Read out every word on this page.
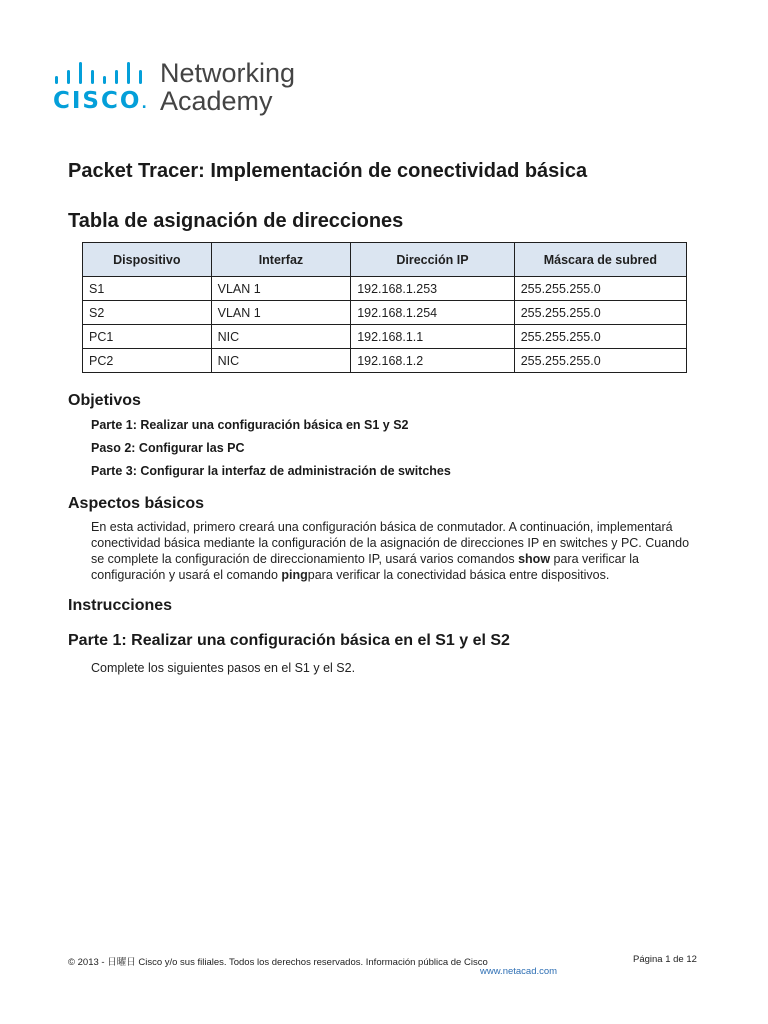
CISCO .
Networking
Academy
Packet Tracer: Implementación de conectividad básica
Tabla de asignación de direcciones
Dispositivo	Interfaz	Dirección IP	Máscara de subred
S1	VLAN 1	192.168.1.253	255.255.255.0
S2	VLAN 1	192.168.1.254	255.255.255.0
PC1	NIC	192.168.1.1	255.255.255.0
PC2	NIC	192.168.1.2	255.255.255.0
Objetivos
Parte 1: Realizar una configuración básica en S1 y S2
Paso 2: Configurar las PC
Parte 3: Configurar la interfaz de administración de switches
Aspectos básicos
En esta actividad, primero creará una configuración básica de conmutador. A continuación, implementará conectividad básica mediante la configuración de la asignación de direcciones IP en switches y PC. Cuando se complete la configuración de direccionamiento IP, usará varios comandos show para verificar la configuración y usará el comando pingpara verificar la conectividad básica entre dispositivos.
Instrucciones
Parte 1: Realizar una configuración básica en el S1 y el S2
Complete los siguientes pasos en el S1 y el S2.
© 2013 - 日曜日 Cisco y/o sus filiales. Todos los derechos reservados. Información pública de Cisco	Página 1 de 12
www.netacad.com
